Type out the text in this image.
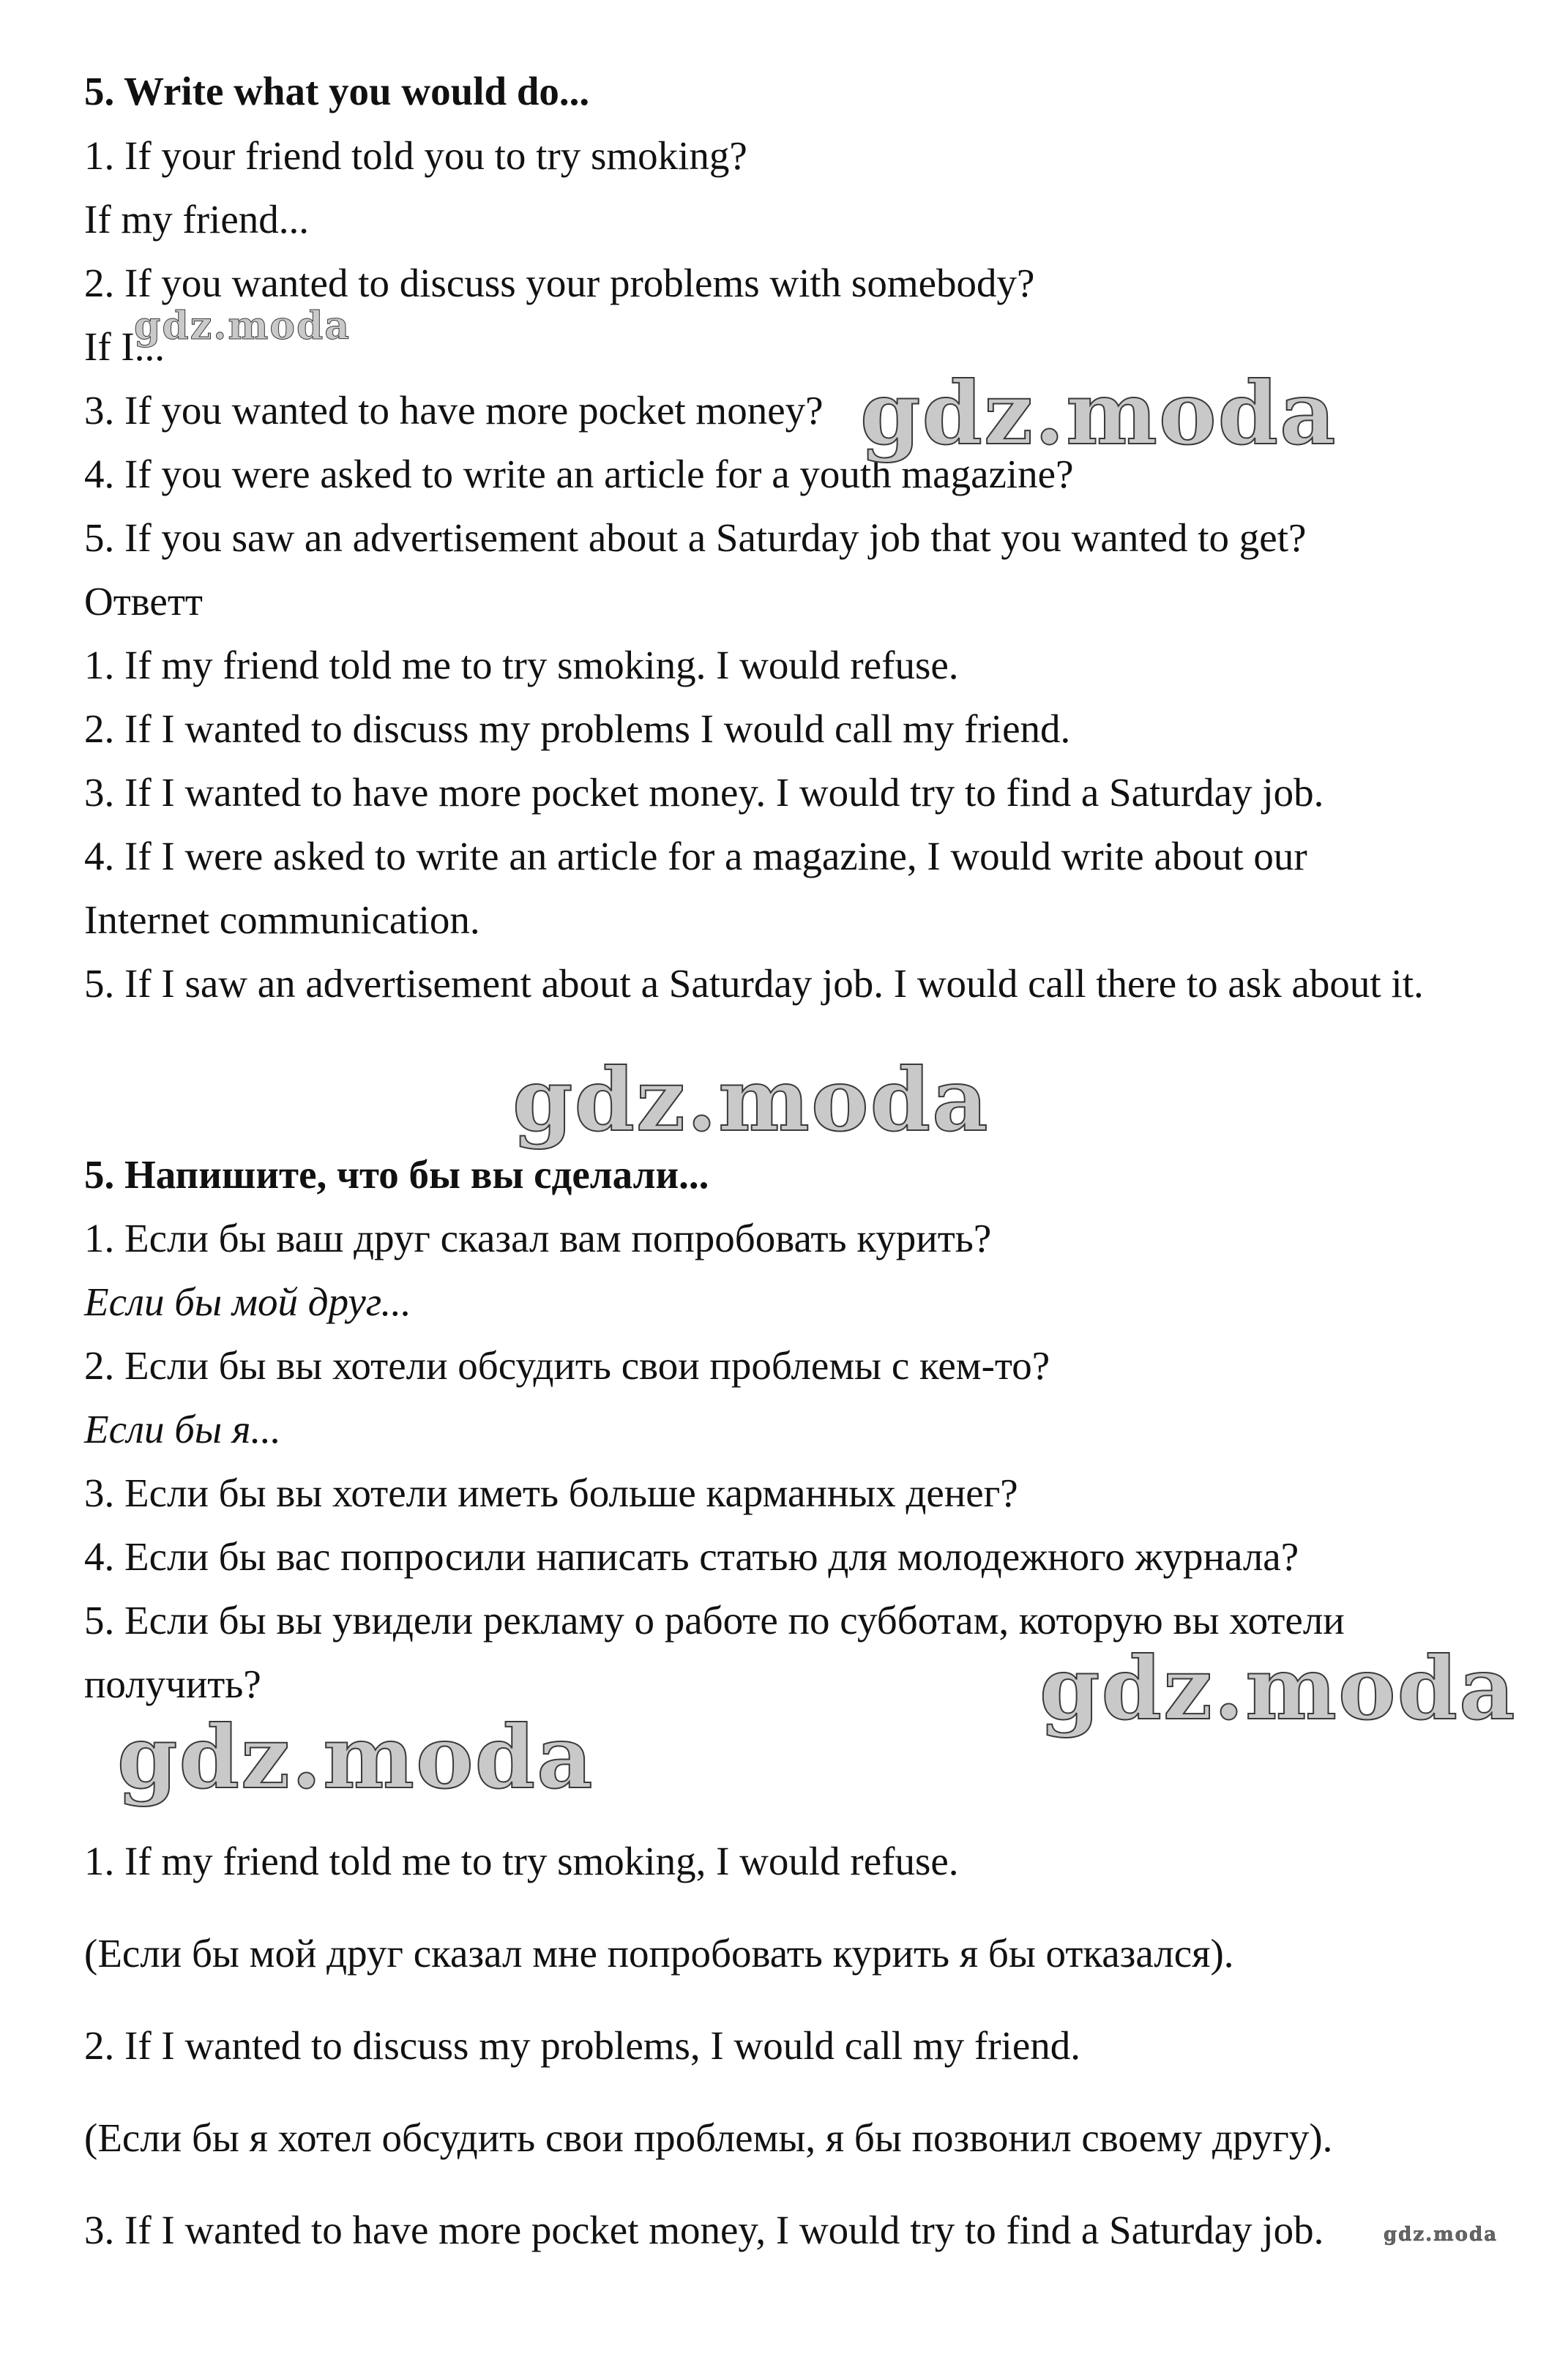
5. Write what you would do...
1. If your friend told you to try smoking?
If my friend...
2. If you wanted to discuss your problems with somebody?
If I...
3. If you wanted to have more pocket money?
4. If you were asked to write an article for a youth magazine?
5. If you saw an advertisement about a Saturday job that you wanted to get?
Ответт
1. If my friend told me to try smoking. I would refuse.
2. If I wanted to discuss my problems I would call my friend.
3. If I wanted to have more pocket money. I would try to find a Saturday job.
4. If I were asked to write an article for a magazine, I would write about our
Internet communication.
5. If I saw an advertisement about a Saturday job. I would call there to ask about it.
5. Напишите, что бы вы сделали...
1. Если бы ваш друг сказал вам попробовать курить?
Если бы мой друг...
2. Если бы вы хотели обсудить свои проблемы с кем-то?
Если бы я...
3. Если бы вы хотели иметь больше карманных денег?
4. Если бы вас попросили написать статью для молодежного журнала?
5. Если бы вы увидели рекламу о работе по субботам, которую вы хотели
получить?
1. If my friend told me to try smoking, I would refuse.
(Если бы мой друг сказал мне попробовать курить я бы отказался).
2. If I wanted to discuss my problems, I would call my friend.
(Если бы я хотел обсудить свои проблемы, я бы позвонил своему другу).
3. If I wanted to have more pocket money, I would try to find a Saturday job.
gdz.moda
gdz.moda
gdz.moda
gdz.moda
gdz.moda
gdz.moda
